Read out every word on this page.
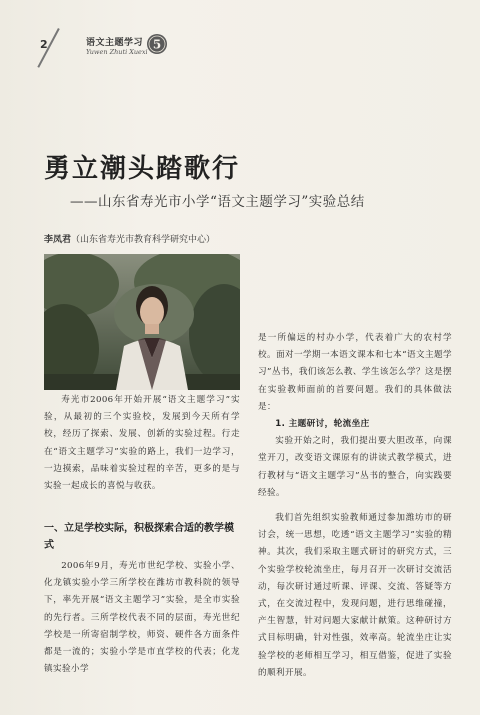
2	语文主题学习
Yuwen Zhuti Xuexi
5
勇立潮头踏歌行
——山东省寿光市小学“语文主题学习”实验总结
李凤君（山东省寿光市教育科学研究中心）

寿光市2006年开始开展“语文主题学习”实验，从最初的三个实验校，发展到今天所有学校，经历了探索、发展、创新的实验过程。行走在“语文主题学习”实验的路上，我们一边学习，一边摸索，品味着实验过程的辛苦，更多的是与实验一起成长的喜悦与收获。

一、立足学校实际，积极探索合适的教学模式

2006年9月，寿光市世纪学校、实验小学、化龙镇实验小学三所学校在潍坊市教科院的领导下，率先开展“语文主题学习”实验，是全市实验的先行者。三所学校代表不同的层面，寿光世纪学校是一所寄宿制学校，师资、硬件各方面条件都是一流的；实验小学是市直学校的代表；化龙镇实验小学

是一所偏远的村办小学，代表着广大的农村学校。面对一学期一本语文课本和七本“语文主题学习”丛书，我们该怎么教、学生该怎么学？这是摆在实验教师面前的首要问题。我们的具体做法是：

1. 主题研讨，轮流坐庄

实验开始之时，我们提出要大胆改革，向课堂开刀，改变语文课原有的讲读式教学模式，进行教材与“语文主题学习”丛书的整合，向实践要经验。

我们首先组织实验教师通过参加潍坊市的研讨会，统一思想，吃透“语文主题学习”实验的精神。其次，我们采取主题式研讨的研究方式，三个实验学校轮流坐庄，每月召开一次研讨交流活动，每次研讨通过听课、评课、交流、答疑等方式，在交流过程中，发现问题，进行思维碰撞，产生智慧，针对问题大家献计献策。这种研讨方式目标明确，针对性强，效率高。轮流坐庄让实验学校的老师相互学习，相互借鉴，促进了实验的顺利开展。
